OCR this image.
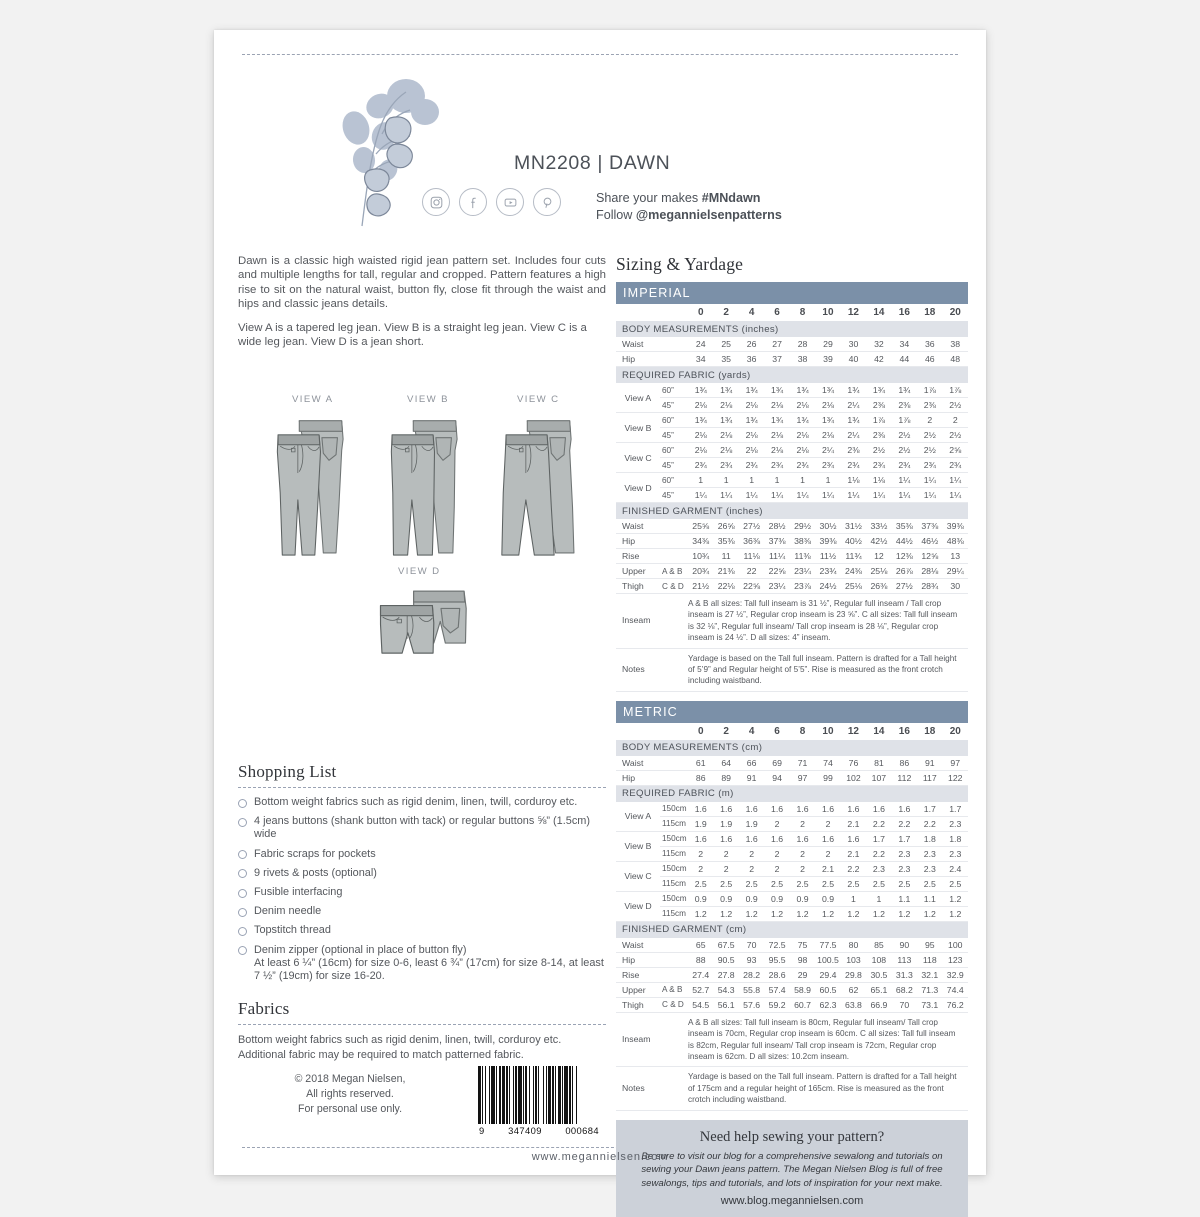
MN2208 | DAWN
Share your makes #MNdawn
Follow @megannielsenpatterns

Dawn is a classic high waisted rigid jean pattern set. Includes four cuts and multiple lengths for tall, regular and cropped. Pattern features a high rise to sit on the natural waist, button fly, close fit through the waist and hips and classic jeans details.

View A is a tapered leg jean. View B is a straight leg jean. View C is a wide leg jean. View D is a jean short.

VIEW A	VIEW B	VIEW C
VIEW D
Shopping List
Bottom weight fabrics such as rigid denim, linen, twill, corduroy etc.
4 jeans buttons (shank button with tack) or regular buttons ⅝” (1.5cm) wide
Fabric scraps for pockets
9 rivets & posts (optional)
Fusible interfacing
Denim needle
Topstitch thread
Denim zipper (optional in place of button fly)
At least 6 ¼” (16cm) for size 0-6, least 6 ¾” (17cm) for size 8-14, at least 7 ½” (19cm) for size 16-20.
Fabrics
Bottom weight fabrics such as rigid denim, linen, twill, corduroy etc.
Additional fabric may be required to match patterned fabric.
© 2018 Megan Nielsen,
All rights reserved.
For personal use only.
9	347409	000684
Sizing & Yardage
IMPERIAL												
		0	2	4	6	8	10	12	14	16	18	20
BODY MEASUREMENTS (inches)												
Waist		24	25	26	27	28	29	30	32	34	36	38
Hip		34	35	36	37	38	39	40	42	44	46	48
REQUIRED FABRIC (yards)												
View A	60”	1¾	1¾	1¾	1¾	1¾	1¾	1¾	1¾	1¾	1⅞	1⅞
	45”	2⅛	2⅛	2⅛	2⅛	2⅛	2⅛	2¼	2⅜	2⅜	2⅜	2½
View B	60”	1¾	1¾	1¾	1¾	1¾	1¾	1¾	1⅞	1⅞	2	2
	45”	2⅛	2⅛	2⅛	2⅛	2⅛	2⅛	2¼	2⅜	2½	2½	2½
View C	60”	2⅛	2⅛	2⅛	2⅛	2⅛	2¼	2⅜	2½	2½	2½	2⅝
	45”	2¾	2¾	2¾	2¾	2¾	2¾	2¾	2¾	2¾	2¾	2¾
View D	60”	1	1	1	1	1	1	1⅛	1⅛	1¼	1¼	1¼
	45”	1¼	1¼	1¼	1¼	1¼	1¼	1¼	1¼	1¼	1¼	1¼
FINISHED GARMENT (inches)												
Waist		25⅝	26⅝	27½	28½	29½	30½	31½	33½	35⅜	37⅜	39⅜
Hip		34⅜	35⅜	36⅜	37⅜	38⅜	39⅜	40½	42½	44½	46½	48⅜
Rise		10¾	11	11⅛	11¼	11⅜	11½	11¾	12	12⅜	12⅝	13
Upper	A & B	20¾	21⅜	22	22⅝	23¼	23¾	24⅜	25⅛	26⅞	28⅛	29¼
Thigh	C & D	21½	22⅛	22⅝	23¼	23⅞	24½	25⅛	26⅜	27½	28¾	30
Inseam		A & B all sizes: Tall full inseam is 31 ½”, Regular full inseam / Tall crop inseam is 27 ½”, Regular crop inseam is 23 ⅝”. C all sizes: Tall full inseam is 32 ⅛”, Regular full inseam/ Tall crop inseam is 28 ⅛”, Regular crop inseam is 24 ½”. D all sizes: 4” inseam.										
Notes		Yardage is based on the Tall full inseam. Pattern is drafted for a Tall height of 5’9” and Regular height of 5’5”. Rise is measured as the front crotch including waistband.										
METRIC												
		0	2	4	6	8	10	12	14	16	18	20
BODY MEASUREMENTS (cm)												
Waist		61	64	66	69	71	74	76	81	86	91	97
Hip		86	89	91	94	97	99	102	107	112	117	122
REQUIRED FABRIC (m)												
View A	150cm	1.6	1.6	1.6	1.6	1.6	1.6	1.6	1.6	1.6	1.7	1.7
	115cm	1.9	1.9	1.9	2	2	2	2.1	2.2	2.2	2.2	2.3
View B	150cm	1.6	1.6	1.6	1.6	1.6	1.6	1.6	1.7	1.7	1.8	1.8
	115cm	2	2	2	2	2	2	2.1	2.2	2.3	2.3	2.3
View C	150cm	2	2	2	2	2	2.1	2.2	2.3	2.3	2.3	2.4
	115cm	2.5	2.5	2.5	2.5	2.5	2.5	2.5	2.5	2.5	2.5	2.5
View D	150cm	0.9	0.9	0.9	0.9	0.9	0.9	1	1	1.1	1.1	1.2
	115cm	1.2	1.2	1.2	1.2	1.2	1.2	1.2	1.2	1.2	1.2	1.2
FINISHED GARMENT (cm)												
Waist		65	67.5	70	72.5	75	77.5	80	85	90	95	100
Hip		88	90.5	93	95.5	98	100.5	103	108	113	118	123
Rise		27.4	27.8	28.2	28.6	29	29.4	29.8	30.5	31.3	32.1	32.9
Upper	A & B	52.7	54.3	55.8	57.4	58.9	60.5	62	65.1	68.2	71.3	74.4
Thigh	C & D	54.5	56.1	57.6	59.2	60.7	62.3	63.8	66.9	70	73.1	76.2
Inseam		A & B all sizes: Tall full inseam is 80cm, Regular full inseam/ Tall crop inseam is 70cm, Regular crop inseam is 60cm. C all sizes: Tall full inseam is 82cm, Regular full inseam/ Tall crop inseam is 72cm, Regular crop inseam is 62cm. D all sizes: 10.2cm inseam.										
Notes		Yardage is based on the Tall full inseam. Pattern is drafted for a Tall height of 175cm and a regular height of 165cm. Rise is measured as the front crotch including waistband.										
Need help sewing your pattern?
Be sure to visit our blog for a comprehensive sewalong and tutorials on sewing your Dawn jeans pattern. The Megan Nielsen Blog is full of free sewalongs, tips and tutorials, and lots of inspiration for your next make.
www.blog.megannielsen.com
www.megannielsen.com
